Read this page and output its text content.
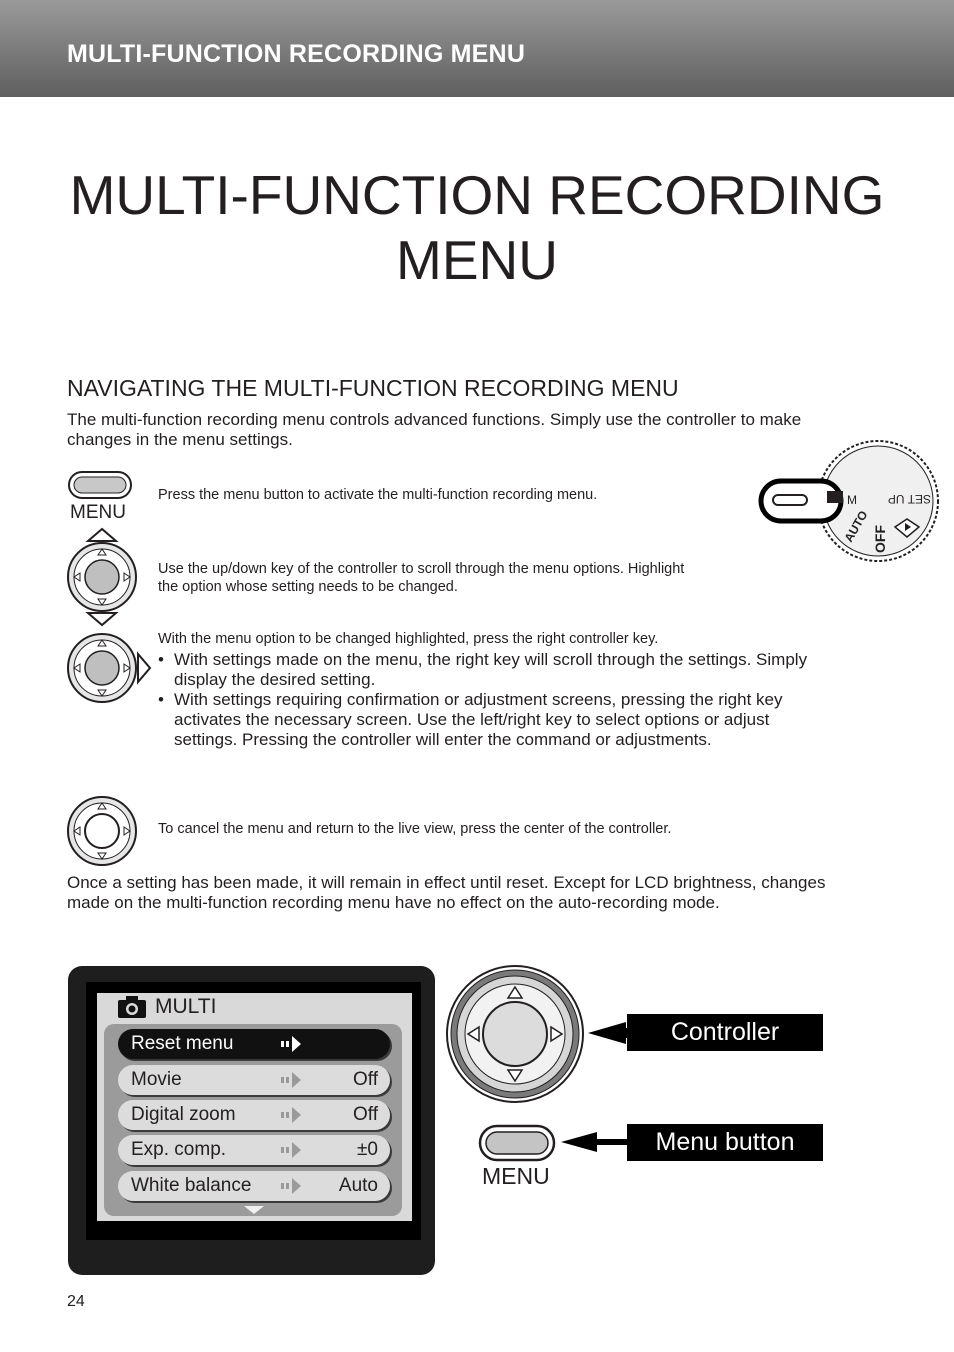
MULTI-FUNCTION RECORDING MENU
MULTI-FUNCTION RECORDING
MENU
NAVIGATING THE MULTI-FUNCTION RECORDING MENU
The multi-function recording menu controls advanced functions. Simply use the controller to make
changes in the menu settings.
MENU
Press the menu button to activate the multi-function recording menu.
Use the up/down key of the controller to scroll through the menu options. Highlight
the option whose setting needs to be changed.
With the menu option to be changed highlighted, press the right controller key.
• With settings made on the menu, the right key will scroll through the settings. Simply
display the desired setting.
• With settings requiring confirmation or adjustment screens, pressing the right key
activates the necessary screen. Use the left/right key to select options or adjust
settings. Pressing the controller will enter the command or adjustments.
To cancel the menu and return to the live view, press the center of the controller.
M
AUTO OFF
SET UP
Once a setting has been made, it will remain in effect until reset. Except for LCD brightness, changes
made on the multi-function recording menu have no effect on the auto-recording mode.
MULTI
Reset menu
Movie	Off
Digital zoom	Off
Exp. comp.	±0
White balance	Auto	MENU
Controller
Menu button
24
